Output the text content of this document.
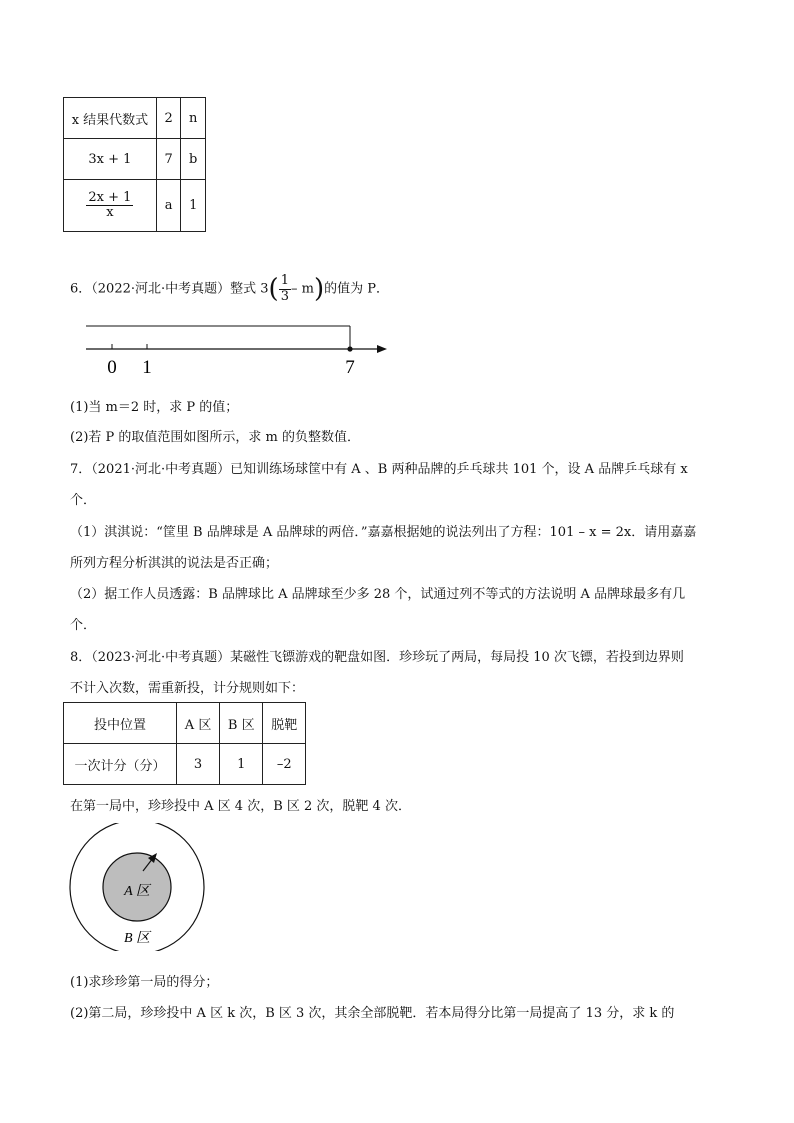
x 结果代数式	2	n
3x + 1	7	b

$\frac{2x + 1}{x}$	a	1
6．（2022·河北·中考真题）整式 $3( \frac{1}{3} - m)$的值为 P．
0 1	7
(1)当 m＝2 时，求 P 的值；
(2)若 P 的取值范围如图所示，求 m 的负整数值．
7．（2021·河北·中考真题）已知训练场球筐中有 A 、B 两种品牌的乒乓球共 101 个，设 A 品牌乒乓球有 x
个．
（1）淇淇说：“筐里 B 品牌球是 A 品牌球的两倍．”嘉嘉根据她的说法列出了方程：101 – x = 2x．请用嘉嘉
所列方程分析淇淇的说法是否正确；
（2）据工作人员透露：B 品牌球比 A 品牌球至少多 28 个，试通过列不等式的方法说明 A 品牌球最多有几
个．
8．（2023·河北·中考真题）某磁性飞镖游戏的靶盘如图．珍珍玩了两局，每局投 10 次飞镖，若投到边界则
不计入次数，需重新投，计分规则如下：
投中位置	A 区	B 区	脱靶
一次计分（分）	3	1	–2
在第一局中，珍珍投中 A 区 4 次，B 区 2 次，脱靶 4 次．
A 区
B 区
(1)求珍珍第一局的得分；
(2)第二局，珍珍投中 A 区 k 次，B 区 3 次，其余全部脱靶．若本局得分比第一局提高了 13 分，求 k 的
